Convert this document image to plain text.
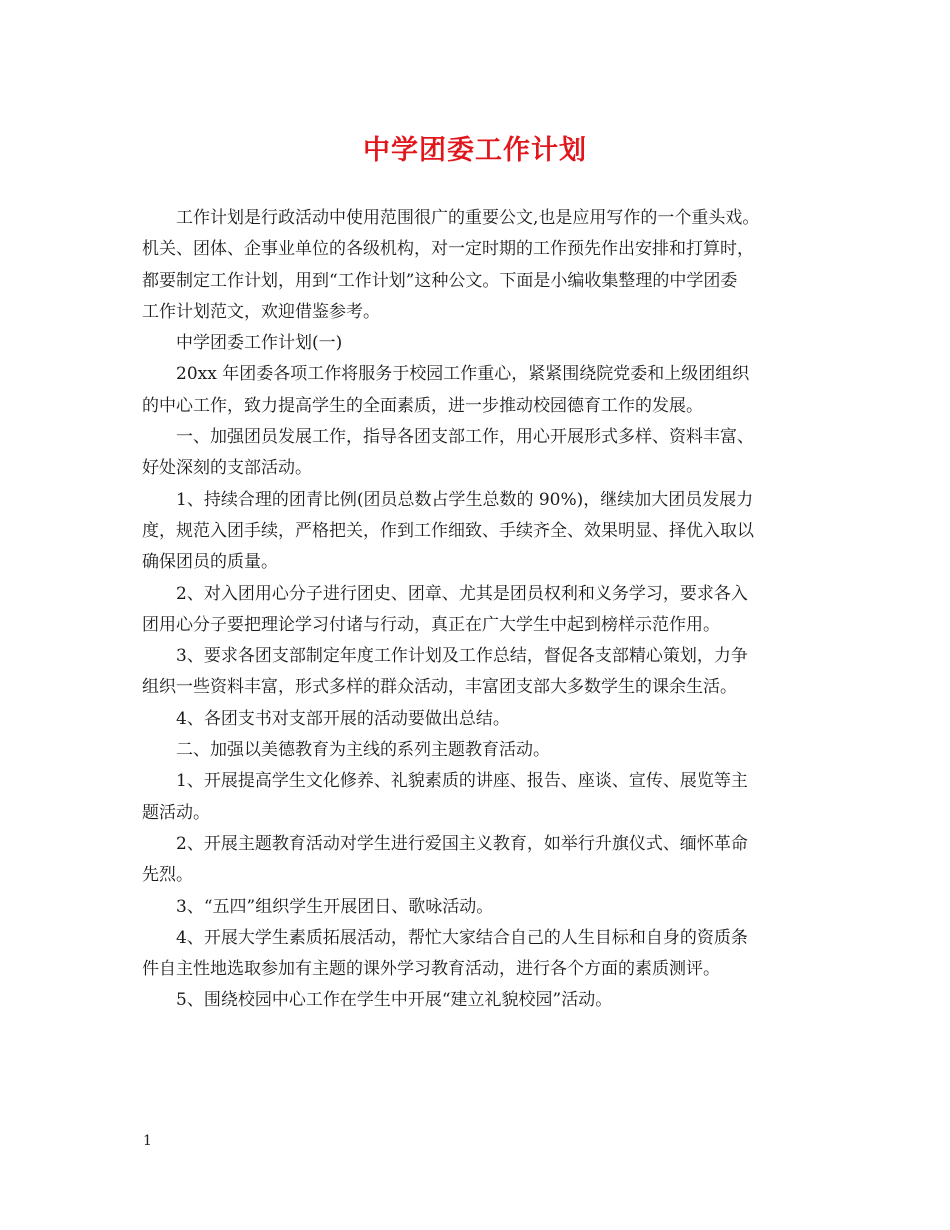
中学团委工作计划

工作计划是行政活动中使用范围很广的重要公文,也是应用写作的一个重头戏。
机关、团体、企事业单位的各级机构，对一定时期的工作预先作出安排和打算时，
都要制定工作计划，用到“工作计划”这种公文。下面是小编收集整理的中学团委
工作计划范文，欢迎借鉴参考。

中学团委工作计划(一)

20xx 年团委各项工作将服务于校园工作重心，紧紧围绕院党委和上级团组织
的中心工作，致力提高学生的全面素质，进一步推动校园德育工作的发展。

一、加强团员发展工作，指导各团支部工作，用心开展形式多样、资料丰富、
好处深刻的支部活动。

1、持续合理的团青比例(团员总数占学生总数的 90%)，继续加大团员发展力
度，规范入团手续，严格把关，作到工作细致、手续齐全、效果明显、择优入取以
确保团员的质量。

2、对入团用心分子进行团史、团章、尤其是团员权利和义务学习，要求各入
团用心分子要把理论学习付诸与行动，真正在广大学生中起到榜样示范作用。

3、要求各团支部制定年度工作计划及工作总结，督促各支部精心策划，力争
组织一些资料丰富，形式多样的群众活动，丰富团支部大多数学生的课余生活。

4、各团支书对支部开展的活动要做出总结。

二、加强以美德教育为主线的系列主题教育活动。

1、开展提高学生文化修养、礼貌素质的讲座、报告、座谈、宣传、展览等主
题活动。

2、开展主题教育活动对学生进行爱国主义教育，如举行升旗仪式、缅怀革命
先烈。

3、“五四”组织学生开展团日、歌咏活动。

4、开展大学生素质拓展活动，帮忙大家结合自己的人生目标和自身的资质条
件自主性地选取参加有主题的课外学习教育活动，进行各个方面的素质测评。

5、围绕校园中心工作在学生中开展“建立礼貌校园”活动。

1
